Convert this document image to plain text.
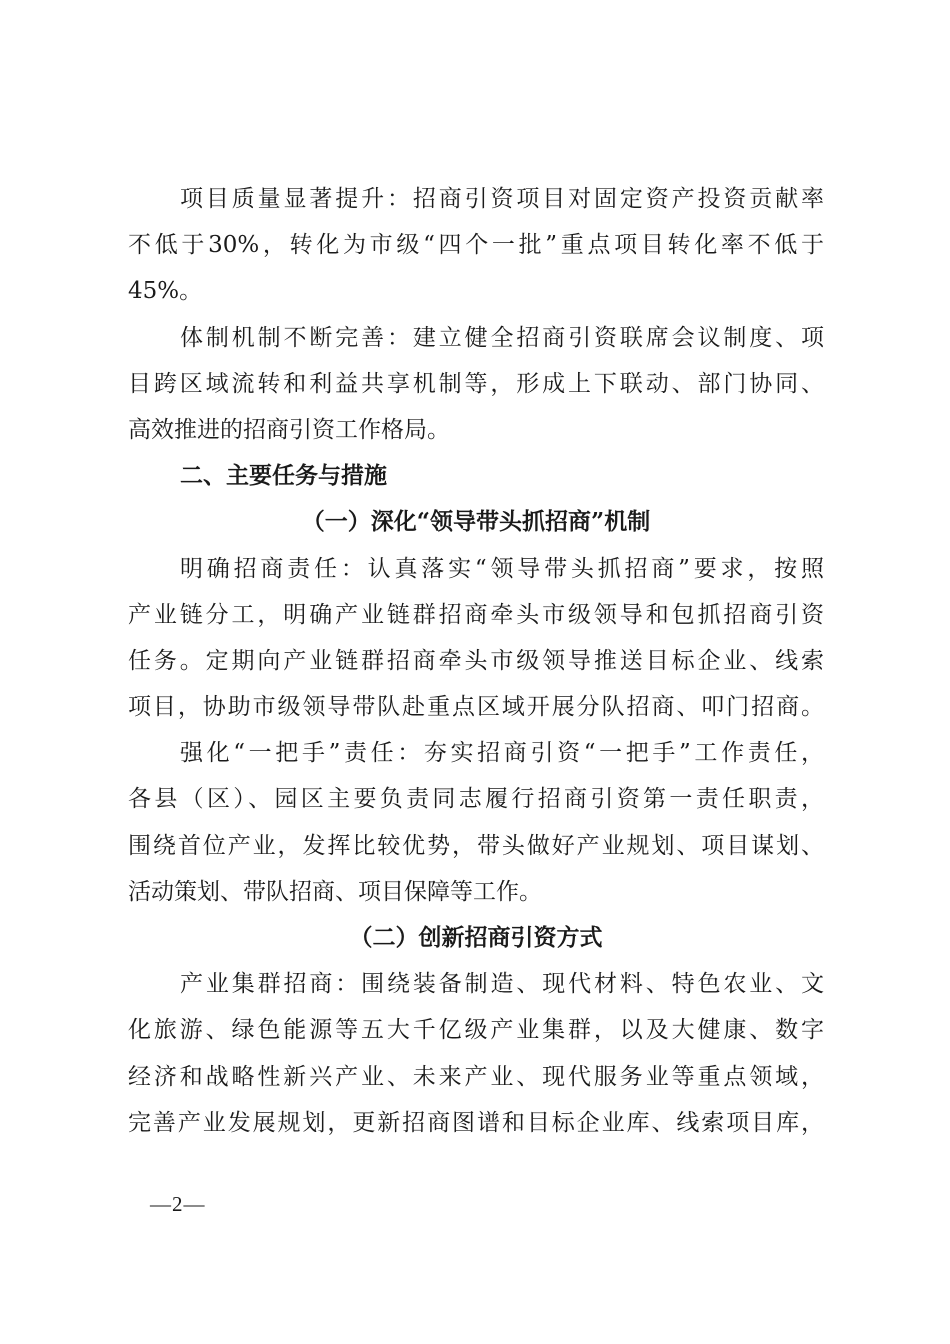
项目质量显著提升：招商引资项目对固定资产投资贡献率
不低于30%，转化为市级“四个一批”重点项目转化率不低于
45%。
体制机制不断完善：建立健全招商引资联席会议制度、项
目跨区域流转和利益共享机制等，形成上下联动、部门协同、
高效推进的招商引资工作格局。
二、主要任务与措施
（一）深化“领导带头抓招商”机制
明确招商责任：认真落实“领导带头抓招商”要求，按照
产业链分工，明确产业链群招商牵头市级领导和包抓招商引资
任务。定期向产业链群招商牵头市级领导推送目标企业、线索
项目，协助市级领导带队赴重点区域开展分队招商、叩门招商。
强化“一把手”责任：夯实招商引资“一把手”工作责任，
各县（区）、园区主要负责同志履行招商引资第一责任职责，
围绕首位产业，发挥比较优势，带头做好产业规划、项目谋划、
活动策划、带队招商、项目保障等工作。
（二）创新招商引资方式
产业集群招商：围绕装备制造、现代材料、特色农业、文
化旅游、绿色能源等五大千亿级产业集群，以及大健康、数字
经济和战略性新兴产业、未来产业、现代服务业等重点领域，
完善产业发展规划，更新招商图谱和目标企业库、线索项目库，
—2—
